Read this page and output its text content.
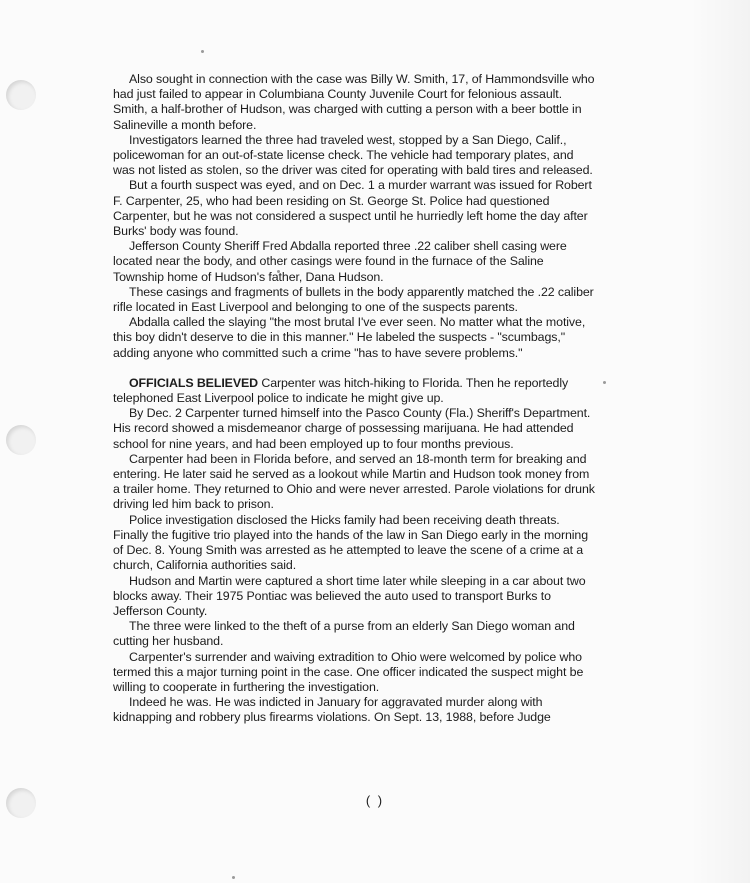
Also sought in connection with the case was Billy W. Smith, 17, of Hammondsville who had just failed to appear in Columbiana County Juvenile Court for felonious assault. Smith, a half-brother of Hudson, was charged with cutting a person with a beer bottle in Salineville a month before.

Investigators learned the three had traveled west, stopped by a San Diego, Calif., policewoman for an out-of-state license check. The vehicle had temporary plates, and was not listed as stolen, so the driver was cited for operating with bald tires and released.

But a fourth suspect was eyed, and on Dec. 1 a murder warrant was issued for Robert F. Carpenter, 25, who had been residing on St. George St. Police had questioned Carpenter, but he was not considered a suspect until he hurriedly left home the day after Burks' body was found.

Jefferson County Sheriff Fred Abdalla reported three .22 caliber shell casing were located near the body, and other casings were found in the furnace of the Saline Township home of Hudson's father, Dana Hudson.

These casings and fragments of bullets in the body apparently matched the .22 caliber rifle located in East Liverpool and belonging to one of the suspects parents.

Abdalla called the slaying "the most brutal I've ever seen. No matter what the motive, this boy didn't deserve to die in this manner." He labeled the suspects - "scumbags," adding anyone who committed such a crime "has to have severe problems."

OFFICIALS BELIEVED Carpenter was hitch-hiking to Florida. Then he reportedly telephoned East Liverpool police to indicate he might give up.

By Dec. 2 Carpenter turned himself into the Pasco County (Fla.) Sheriff's Department. His record showed a misdemeanor charge of possessing marijuana. He had attended school for nine years, and had been employed up to four months previous.

Carpenter had been in Florida before, and served an 18-month term for breaking and entering. He later said he served as a lookout while Martin and Hudson took money from a trailer home. They returned to Ohio and were never arrested. Parole violations for drunk driving led him back to prison.

Police investigation disclosed the Hicks family had been receiving death threats. Finally the fugitive trio played into the hands of the law in San Diego early in the morning of Dec. 8. Young Smith was arrested as he attempted to leave the scene of a crime at a church, California authorities said.

Hudson and Martin were captured a short time later while sleeping in a car about two blocks away. Their 1975 Pontiac was believed the auto used to transport Burks to Jefferson County.

The three were linked to the theft of a purse from an elderly San Diego woman and cutting her husband.

Carpenter's surrender and waiving extradition to Ohio were welcomed by police who termed this a major turning point in the case. One officer indicated the suspect might be willing to cooperate in furthering the investigation.

Indeed he was. He was indicted in January for aggravated murder along with kidnapping and robbery plus firearms violations. On Sept. 13, 1988, before Judge

( )
